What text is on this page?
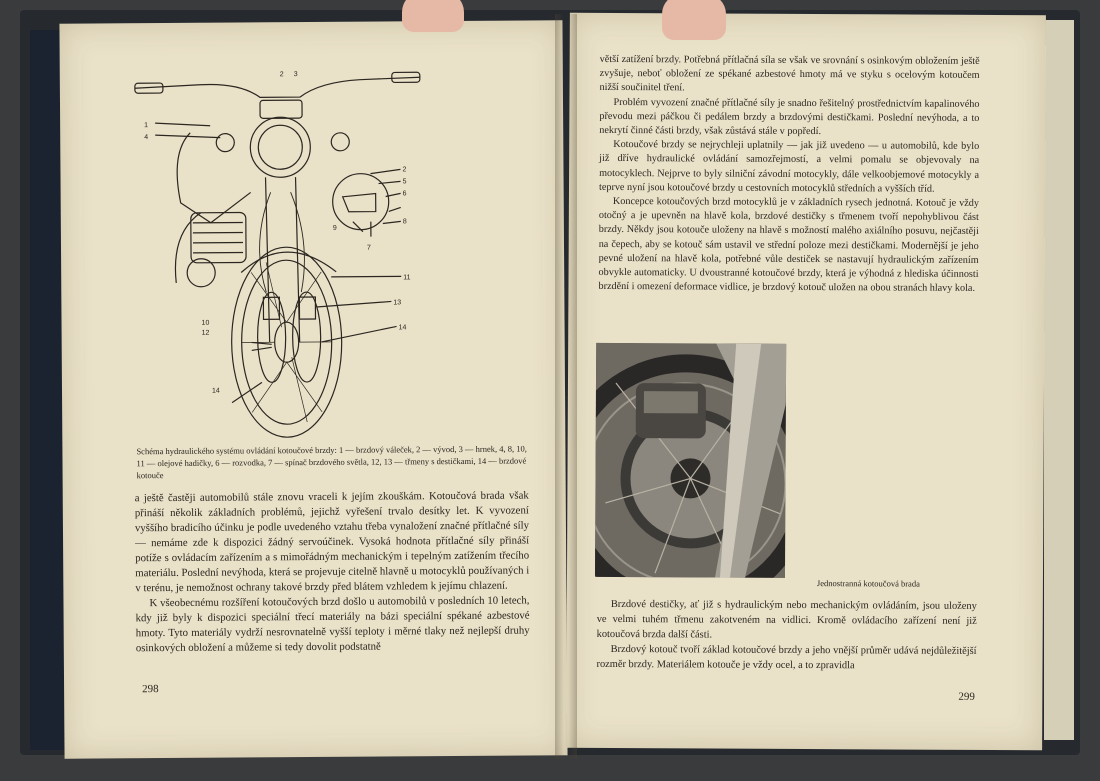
1
2 3
4
2
5
6
7
8
9
10
11
12
13
14
14
Schéma hydraulického systému ovládání kotoučové brzdy: 1 — brzdový válec̆ek, 2 — vývod, 3 — hrnek, 4, 8, 10, 11 — olejové hadičky, 6 — rozvodka, 7 — spínač brzdového světla, 12, 13 — třmeny s destičkami, 14 — brzdové kotouče

a ještě častěji automobilů stále znovu vraceli k jejím zkouškám. Kotoučová brada však přináší několik základních problémů, jejichž vyřešení trvalo desítky let. K vyvození vyššího bradicího účinku je podle uvedeného vztahu třeba vynaložení značné přítlačné síly — nemáme zde k dispozici žádný servoúčinek. Vysoká hodnota přítlačné síly přináší potíže s ovládacím zařízením a s mimořádným mechanickým i tepelným zatížením třecího materiálu. Poslední nevýhoda, která se projevuje citelně hlavně u motocyklů používaných i v terénu, je nemožnost ochrany takové brzdy před blátem vzhledem k jejímu chlazení.

K všeobecnému rozšíření kotoučových brzd došlo u automobilů v posledních 10 letech, kdy již byly k dispozici speciální třecí materiály na bázi speciální spékané azbestové hmoty. Tyto materiály vydrží nesrovnatelně vyšší teploty i měrné tlaky než nejlepší druhy osinkových obložení a můžeme si tedy dovolit podstatně

298

větší zatížení brzdy. Potřebná přítlačná síla se však ve srovnání s osinkovým obložením ještě zvyšuje, neboť obložení ze spékané azbestové hmoty má ve styku s ocelovým kotoučem nižší součinitel tření.

Problém vyvození značné přítlačné síly je snadno řešitelný prostřednictvím kapalinového převodu mezi páčkou či pedálem brzdy a brzdovými destičkami. Poslední nevýhoda, a to nekrytí činné části brzdy, však zůstává stále v popředí.

Kotoučové brzdy se nejrychleji uplatnily — jak již uvedeno — u automobilů, kde bylo již dříve hydraulické ovládání samozřejmostí, a velmi pomalu se objevovaly na motocyklech. Nejprve to byly silniční závodní motocykly, dále velkoobjemové motocykly a teprve nyní jsou kotoučové brzdy u cestovních motocyklů středních a vyšších tříd.

Koncepce kotoučových brzd motocyklů je v základních rysech jednotná. Kotouč je vždy otočný a je upevněn na hlavě kola, brzdové destičky s třmenem tvoří nepohyblivou část brzdy. Někdy jsou kotouče uloženy na hlavě s možností malého axiálního posuvu, nejčastěji na čepech, aby se kotouč sám ustavil ve střední poloze mezi destičkami. Modernější je jeho pevné uložení na hlavě kola, potřebné vůle destiček se nastavují hydraulickým zařízením obvykle automaticky. U dvoustranné kotoučové brzdy, která je výhodná z hlediska účinnosti brzdění i omezení deformace vidlice, je brzdový kotouč uložen na obou stranách hlavy kola.

Jednostranná kotoučová brada

Brzdové destičky, ať již s hydraulickým nebo mechanickým ovládáním, jsou uloženy ve velmi tuhém třmenu zakotveném na vidlici. Kromě ovládacího zařízení není již kotoučová brzda další části.

Brzdový kotouč tvoří základ kotoučové brzdy a jeho vnější průměr udává nejdůležitější rozměr brzdy. Materiálem kotouče je vždy ocel, a to zpravidla

299
